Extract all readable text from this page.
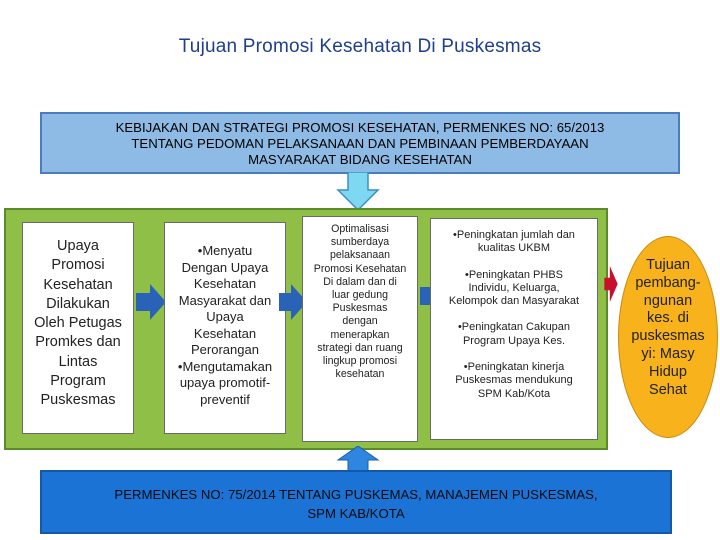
Tujuan Promosi Kesehatan Di Puskesmas
KEBIJAKAN DAN STRATEGI PROMOSI KESEHATAN, PERMENKES NO: 65/2013
TENTANG PEDOMAN PELAKSANAAN DAN PEMBINAAN PEMBERDAYAAN
MASYARAKAT BIDANG KESEHATAN
Upaya
Promosi
Kesehatan
Dilakukan
Oleh Petugas
Promkes dan
Lintas
Program
Puskesmas
•Menyatu
Dengan Upaya
Kesehatan
Masyarakat dan
Upaya
Kesehatan
Perorangan
•Mengutamakan
upaya promotif-
preventif
Optimalisasi
sumberdaya
pelaksanaan
Promosi Kesehatan
Di dalam dan di
luar gedung
Puskesmas
dengan
menerapkan
strategi dan ruang
lingkup promosi
kesehatan
•Peningkatan jumlah dan
kualitas UKBM
•Peningkatan PHBS
Individu, Keluarga,
Kelompok dan Masyarakat
•Peningkatan Cakupan
Program Upaya Kes.
•Peningkatan kinerja
Puskesmas mendukung
SPM Kab/Kota
Tujuan
pembang-
ngunan
kes. di
puskesmas
yi: Masy
Hidup
Sehat
PERMENKES NO: 75/2014 TENTANG PUSKEMAS, MANAJEMEN PUSKESMAS,
SPM KAB/KOTA
